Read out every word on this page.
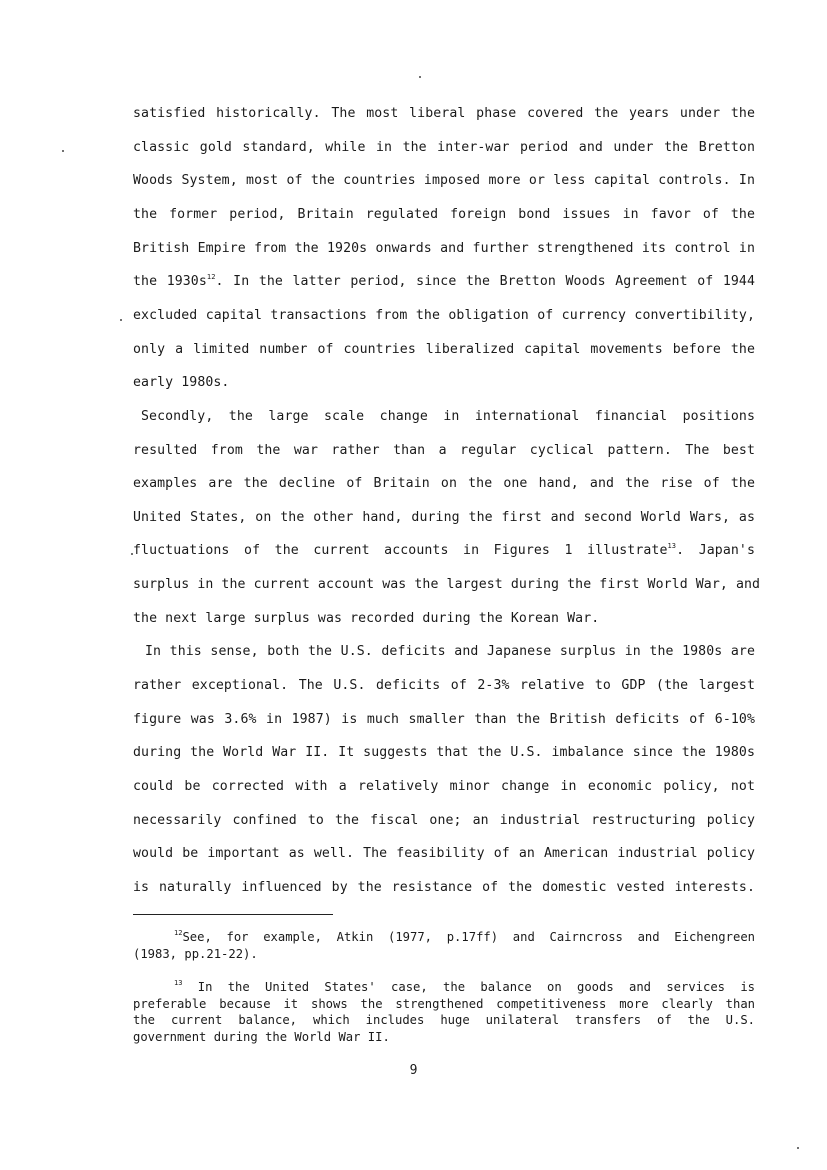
satisfied historically. The most liberal phase covered the years under the
classic gold standard, while in the inter-war period and under the Bretton
Woods System, most of the countries imposed more or less capital controls. In
the former period, Britain regulated foreign bond issues in favor of the
British Empire from the 1920s onwards and further strengthened its control in
the $1930s^{12}$. In the latter period, since the Bretton Woods Agreement of 1944
excluded capital transactions from the obligation of currency convertibility,
only a limited number of countries liberalized capital movements before the
early 1980s.
Secondly, the large scale change in international financial positions
resulted from the war rather than a regular cyclical pattern. The best
examples are the decline of Britain on the one hand, and the rise of the
United States, on the other hand, during the first and second World Wars, as
fluctuations of the current accounts in Figures 1 illustrate$^{13}$. Japan's
surplus in the current account was the largest during the first World War, and
the next large surplus was recorded during the Korean War.
In this sense, both the U.S. deficits and Japanese surplus in the 1980s are
rather exceptional. The U.S. deficits of 2-3% relative to GDP (the largest
figure was 3.6% in 1987) is much smaller than the British deficits of 6-10%
during the World War II. It suggests that the U.S. imbalance since the 1980s
could be corrected with a relatively minor change in economic policy, not
necessarily confined to the fiscal one; an industrial restructuring policy
would be important as well. The feasibility of an American industrial policy
is naturally influenced by the resistance of the domestic vested interests.
$^{12}$See, for example, Atkin (1977, p.17ff) and Cairncross and Eichengreen
(1983, pp.21-22).
$^{13}$ In the United States' case, the balance on goods and services is
preferable because it shows the strengthened competitiveness more clearly than
the current balance, which includes huge unilateral transfers of the U.S.
government during the World War II.
9
